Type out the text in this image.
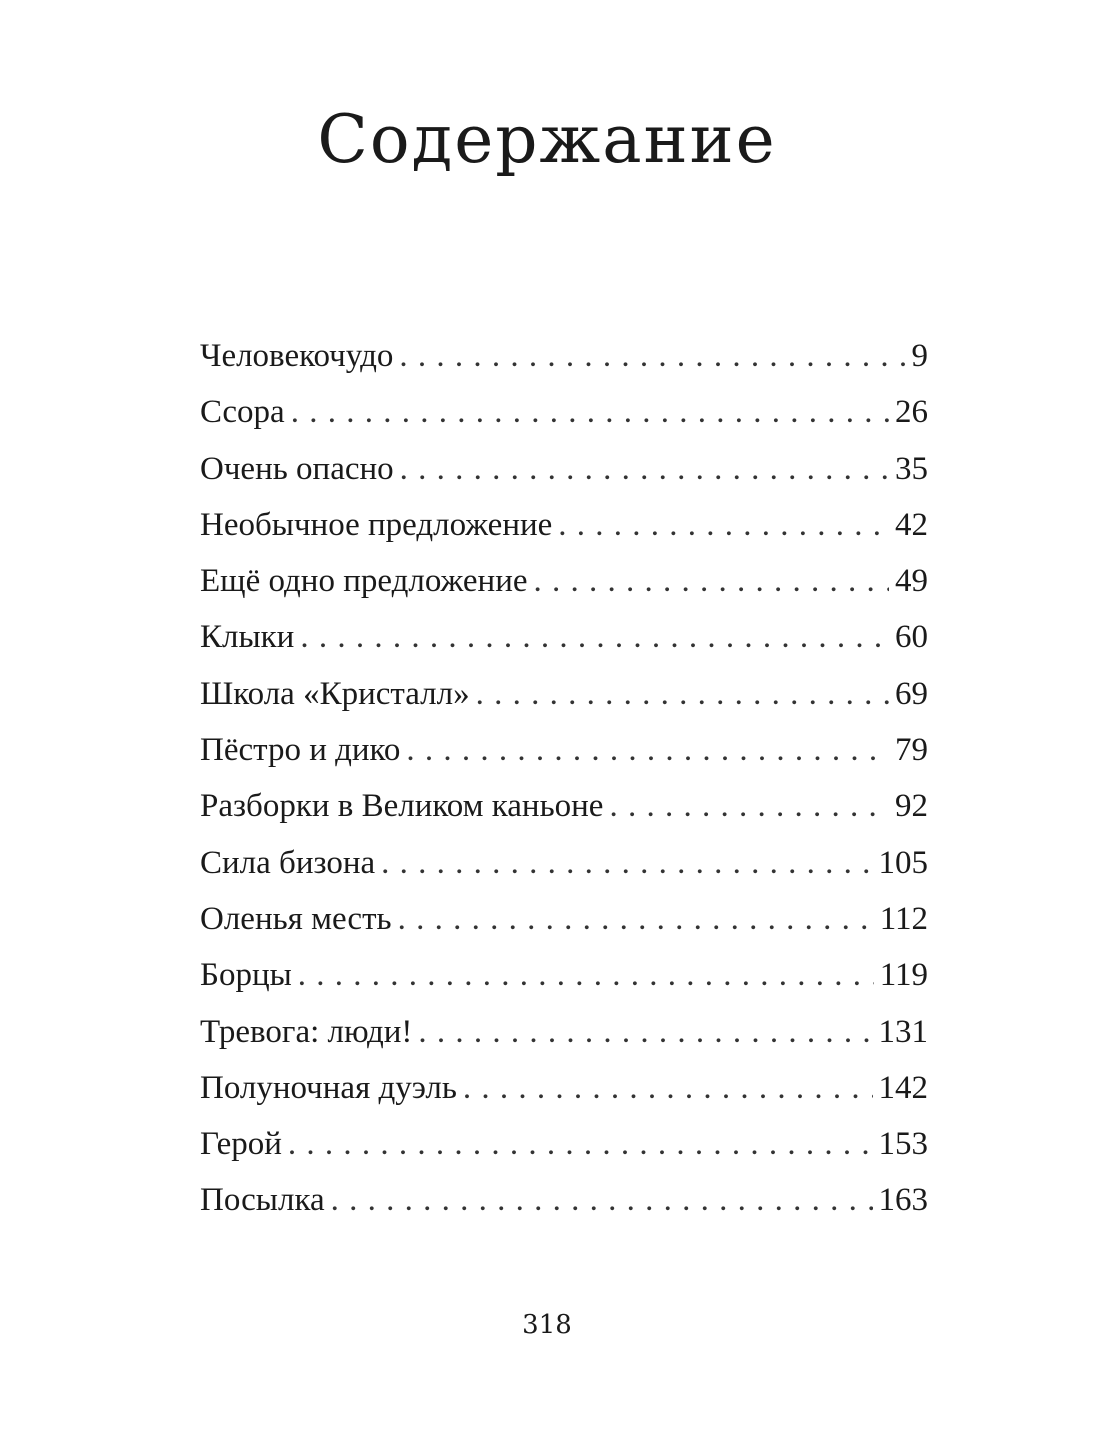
Содержание
Человекочудо . . .	9
Ссора . . .	26
Очень опасно . . .	35
Необычное предложение . . .	42
Ещё одно предложение . . .	49
Клыки . . .	60
Школа «Кристалл» . . .	69
Пёстро и дико . . .	79
Разборки в Великом каньоне . . .	92
Сила бизона . . .	105
Оленья месть . . .	112
Борцы . . .	119
Тревога: люди! . . .	131
Полуночная дуэль . . .	142
Герой . . .	153
Посылка . . .	163

318
